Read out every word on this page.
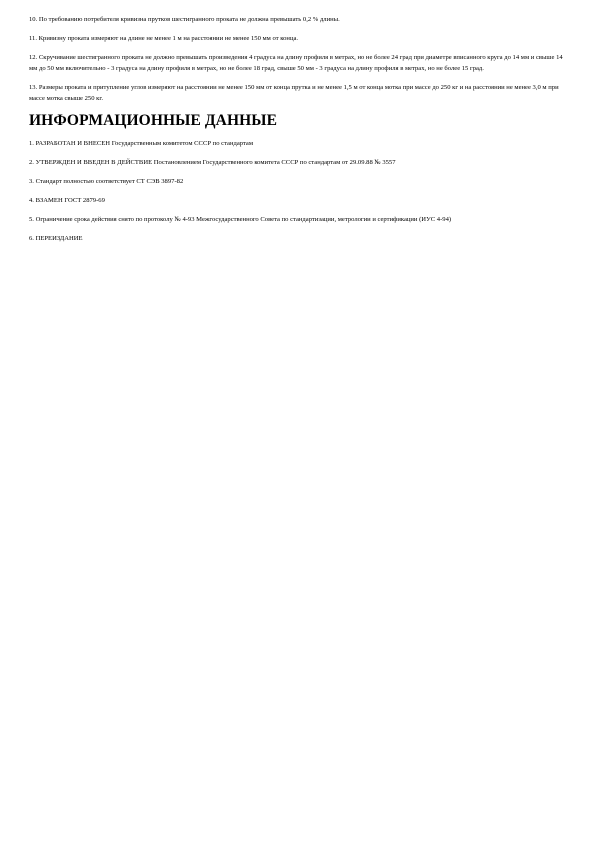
10. По требованию потребителя кривизна прутков шестигранного проката не должна превышать 0,2 % длины.

11. Кривизну проката измеряют на длине не менее 1 м на расстоянии не менее 150 мм от конца.

12. Скручивание шестигранного проката не должно превышать произведения 4 градуса на длину профиля в метрах, но не более 24 град при диаметре вписанного круга до 14 мм и свыше 14 мм до 50 мм включительно - 3 градуса на длину профиля в метрах, но не более 18 град, свыше 50 мм - 3 градуса на длину профиля в метрах, но не более 15 град.

13. Размеры проката и притупление углов измеряют на расстоянии не менее 150 мм от конца прутка и не менее 1,5 м от конца мотка при массе до 250 кг и на расстоянии не менее 3,0 м при массе мотка свыше 250 кг.

ИНФОРМАЦИОННЫЕ ДАННЫЕ

1. РАЗРАБОТАН И ВНЕСЕН Государственным комитетом СССР по стандартам

2. УТВЕРЖДЕН И ВВЕДЕН В ДЕЙСТВИЕ Постановлением Государственного комитета СССР по стандартам от 29.09.88 № 3557

3. Стандарт полностью соответствует СТ СЭВ 3897-82

4. ВЗАМЕН ГОСТ 2879-69

5. Ограничение срока действия снято по протоколу № 4-93 Межгосударственного Совета по стандартизации, метрологии и сертификации (ИУС 4-94)

6. ПЕРЕИЗДАНИЕ
